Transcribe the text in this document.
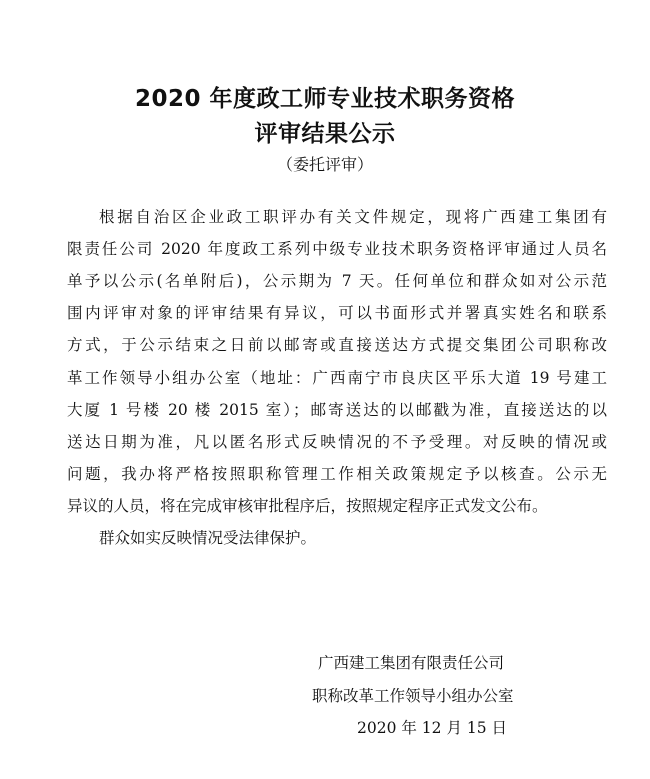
2020 年度政工师专业技术职务资格
评审结果公示
（委托评审）
根据自治区企业政工职评办有关文件规定，现将广西建工集团有
限责任公司 2020 年度政工系列中级专业技术职务资格评审通过人员名
单予以公示(名单附后)，公示期为 7 天。任何单位和群众如对公示范
围内评审对象的评审结果有异议，可以书面形式并署真实姓名和联系
方式，于公示结束之日前以邮寄或直接送达方式提交集团公司职称改
革工作领导小组办公室（地址：广西南宁市良庆区平乐大道 19 号建工
大厦 1 号楼 20 楼 2015 室）；邮寄送达的以邮戳为准，直接送达的以
送达日期为准，凡以匿名形式反映情况的不予受理。对反映的情况或
问题，我办将严格按照职称管理工作相关政策规定予以核查。公示无
异议的人员，将在完成审核审批程序后，按照规定程序正式发文公布。
群众如实反映情况受法律保护。
广西建工集团有限责任公司
职称改革工作领导小组办公室
2020 年 12 月 15 日
